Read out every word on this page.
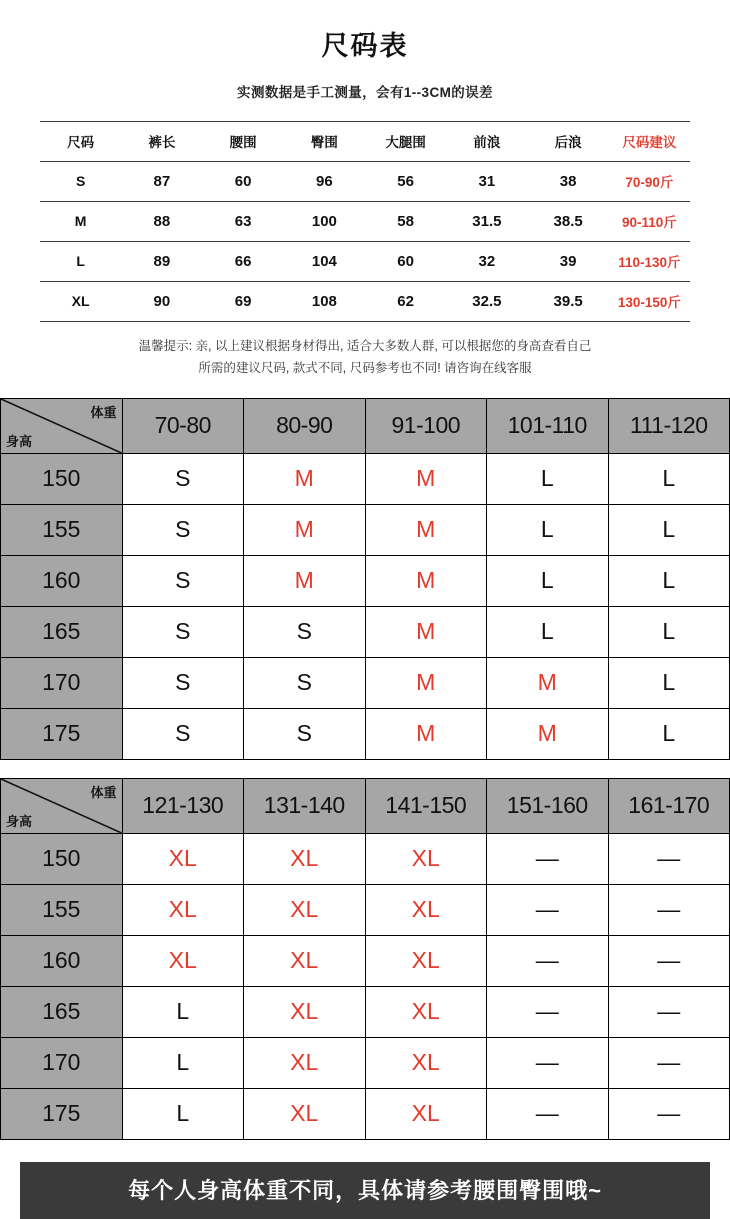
尺码表
实测数据是手工测量，会有1--3CM的误差
尺码	裤长	腰围	臀围	大腿围	前浪	后浪	尺码建议
S	87	60	96	56	31	38	70-90斤
M	88	63	100	58	31.5	38.5	90-110斤
L	89	66	104	60	32	39	110-130斤
XL	90	69	108	62	32.5	39.5	130-150斤
温馨提示: 亲, 以上建议根据身材得出, 适合大多数人群, 可以根据您的身高查看自己
所需的建议尺码, 款式不同, 尺码参考也不同! 请咨询在线客服
体重
身高	70-80	80-90	91-100	101-110	111-120
150	S	M	M	L	L
155	S	M	M	L	L
160	S	M	M	L	L
165	S	S	M	L	L
170	S	S	M	M	L
175	S	S	M	M	L
体重
身高	121-130	131-140	141-150	151-160	161-170
150	XL	XL	XL	—	—
155	XL	XL	XL	—	—
160	XL	XL	XL	—	—
165	L	XL	XL	—	—
170	L	XL	XL	—	—
175	L	XL	XL	—	—
每个人身高体重不同，具体请参考腰围臀围哦~
